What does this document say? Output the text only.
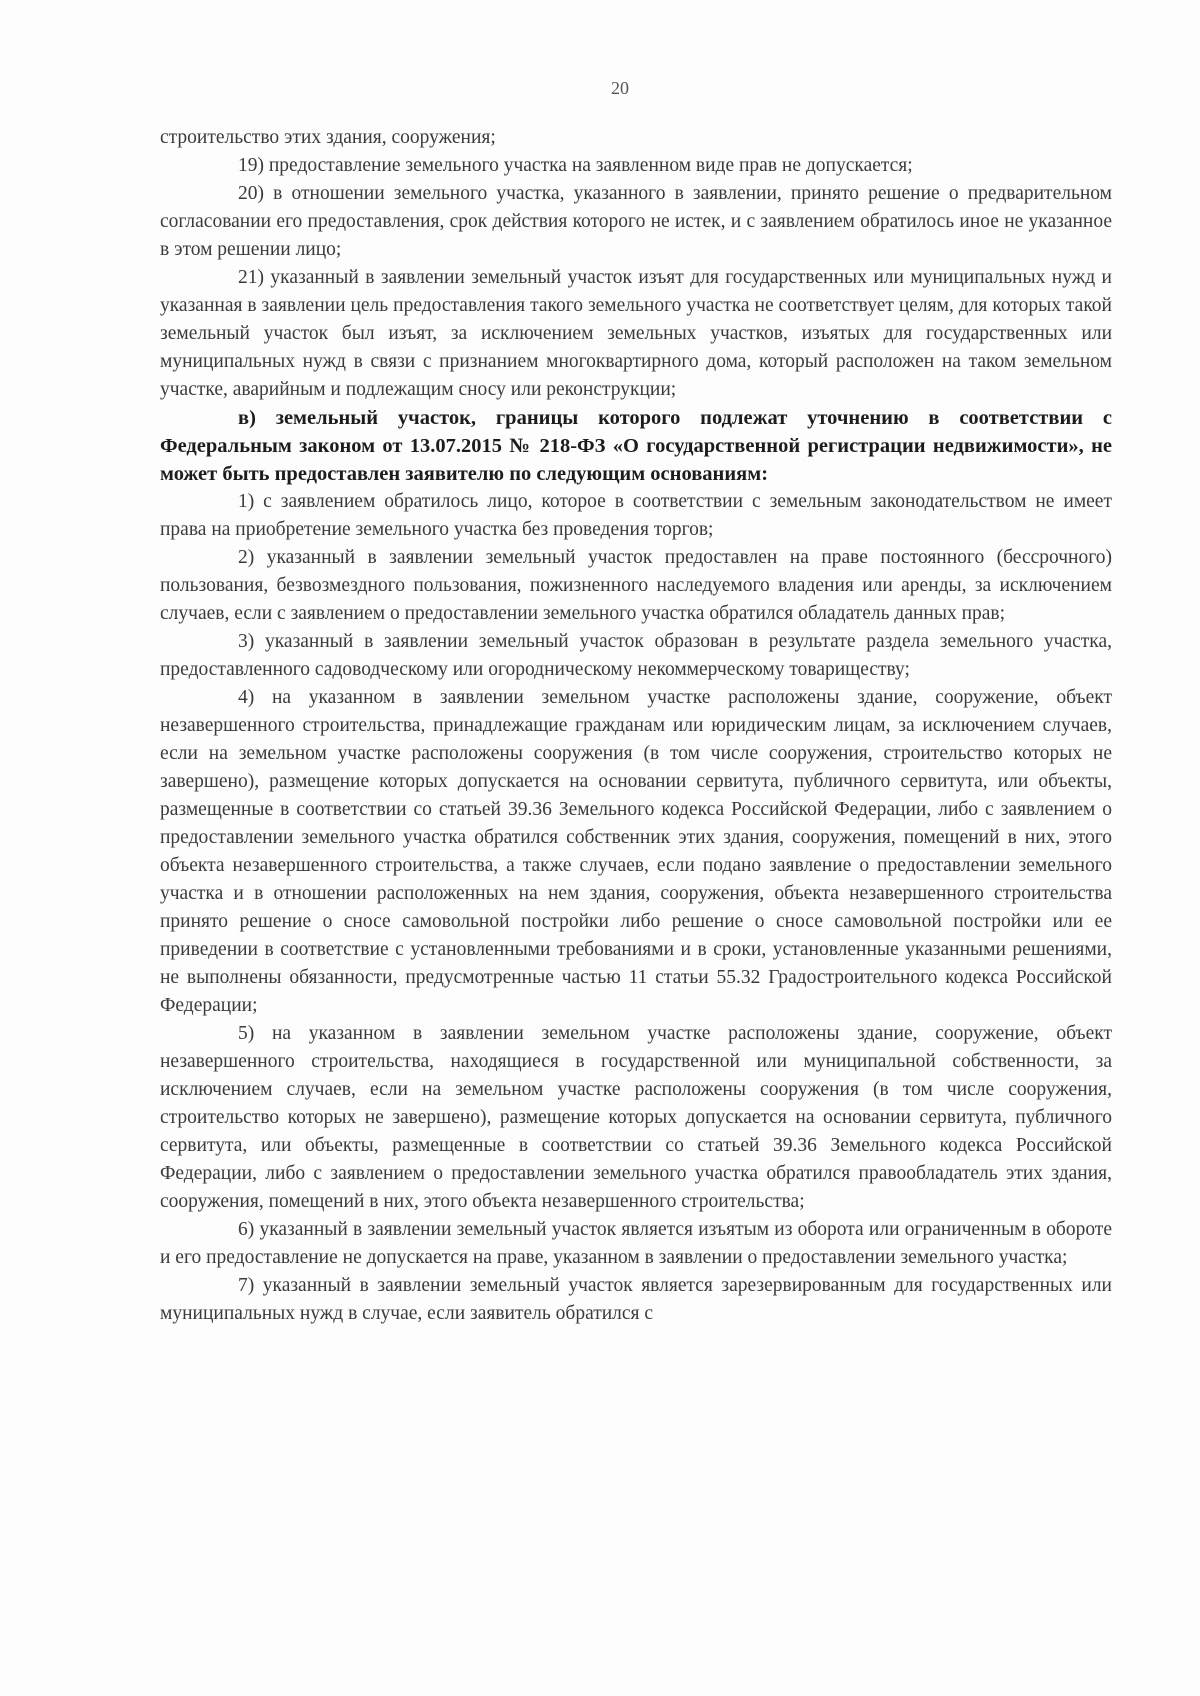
20

строительство этих здания, сооружения;

19) предоставление земельного участка на заявленном виде прав не допускается;

20) в отношении земельного участка, указанного в заявлении, принято решение о предварительном согласовании его предоставления, срок действия которого не истек, и с заявлением обратилось иное не указанное в этом решении лицо;

21) указанный в заявлении земельный участок изъят для государственных или муниципальных нужд и указанная в заявлении цель предоставления такого земельного участка не соответствует целям, для которых такой земельный участок был изъят, за исключением земельных участков, изъятых для государственных или муниципальных нужд в связи с признанием многоквартирного дома, который расположен на таком земельном участке, аварийным и подлежащим сносу или реконструкции;

в) земельный участок, границы которого подлежат уточнению в соответствии с Федеральным законом от 13.07.2015 № 218-ФЗ «О государственной регистрации недвижимости», не может быть предоставлен заявителю по следующим основаниям:

1) с заявлением обратилось лицо, которое в соответствии с земельным законодательством не имеет права на приобретение земельного участка без проведения торгов;

2) указанный в заявлении земельный участок предоставлен на праве постоянного (бессрочного) пользования, безвозмездного пользования, пожизненного наследуемого владения или аренды, за исключением случаев, если с заявлением о предоставлении земельного участка обратился обладатель данных прав;

3) указанный в заявлении земельный участок образован в результате раздела земельного участка, предоставленного садоводческому или огородническому некоммерческому товариществу;

4) на указанном в заявлении земельном участке расположены здание, сооружение, объект незавершенного строительства, принадлежащие гражданам или юридическим лицам, за исключением случаев, если на земельном участке расположены сооружения (в том числе сооружения, строительство которых не завершено), размещение которых допускается на основании сервитута, публичного сервитута, или объекты, размещенные в соответствии со статьей 39.36 Земельного кодекса Российской Федерации, либо с заявлением о предоставлении земельного участка обратился собственник этих здания, сооружения, помещений в них, этого объекта незавершенного строительства, а также случаев, если подано заявление о предоставлении земельного участка и в отношении расположенных на нем здания, сооружения, объекта незавершенного строительства принято решение о сносе самовольной постройки либо решение о сносе самовольной постройки или ее приведении в соответствие с установленными требованиями и в сроки, установленные указанными решениями, не выполнены обязанности, предусмотренные частью 11 статьи 55.32 Градостроительного кодекса Российской Федерации;

5) на указанном в заявлении земельном участке расположены здание, сооружение, объект незавершенного строительства, находящиеся в государственной или муниципальной собственности, за исключением случаев, если на земельном участке расположены сооружения (в том числе сооружения, строительство которых не завершено), размещение которых допускается на основании сервитута, публичного сервитута, или объекты, размещенные в соответствии со статьей 39.36 Земельного кодекса Российской Федерации, либо с заявлением о предоставлении земельного участка обратился правообладатель этих здания, сооружения, помещений в них, этого объекта незавершенного строительства;

6) указанный в заявлении земельный участок является изъятым из оборота или ограниченным в обороте и его предоставление не допускается на праве, указанном в заявлении о предоставлении земельного участка;

7) указанный в заявлении земельный участок является зарезервированным для государственных или муниципальных нужд в случае, если заявитель обратился с
